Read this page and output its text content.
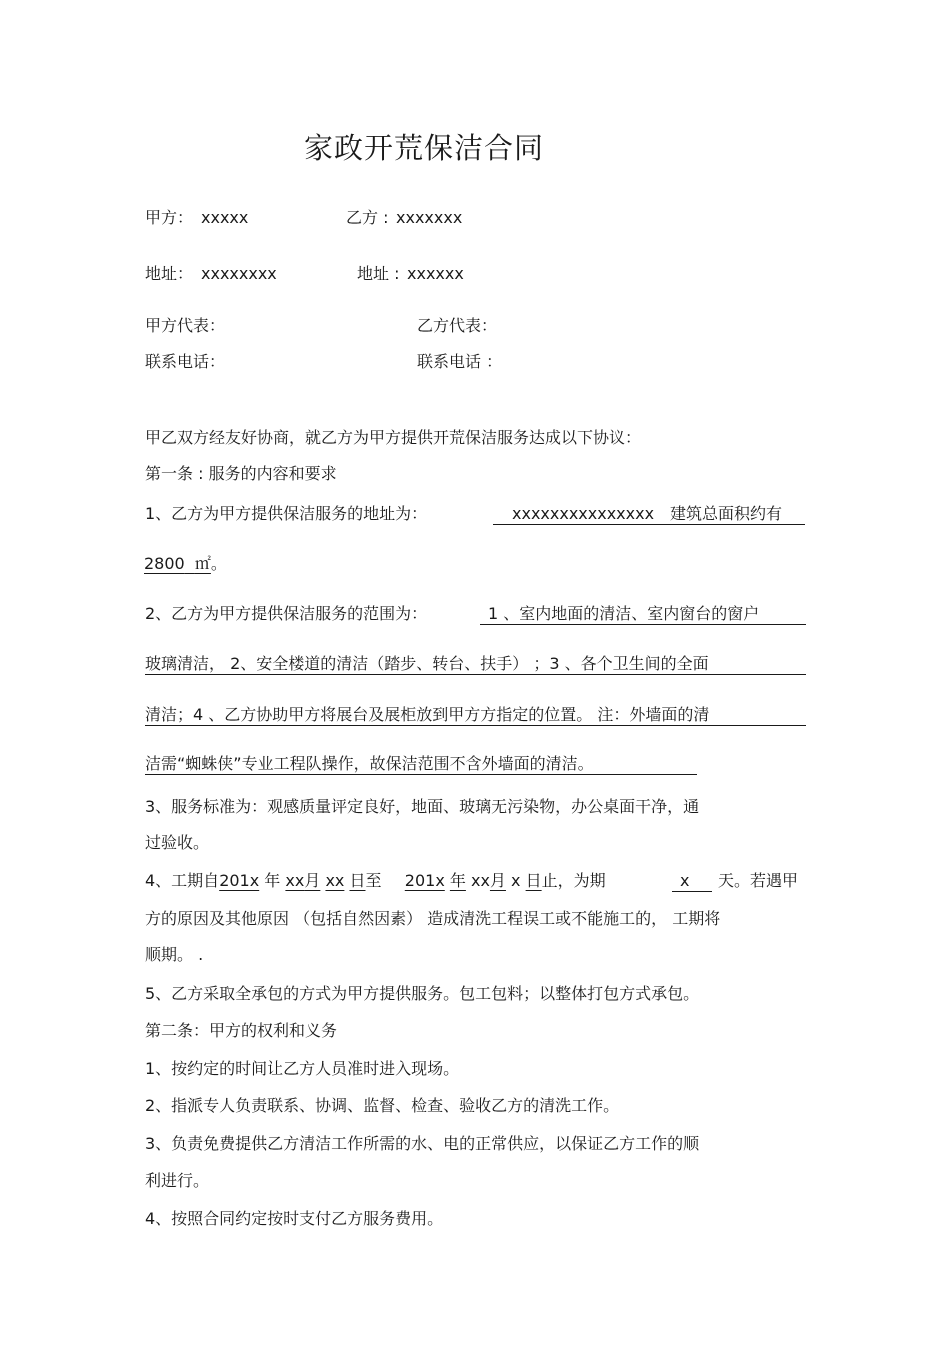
家政开荒保洁合同
甲方： xxxxx	乙方 : xxxxxxx
地址： xxxxxxxx	地址 : xxxxxx
甲方代表：	乙方代表：
联系电话：	联系电话 ：
甲乙双方经友好协商，就乙方为甲方提供开荒保洁服务达成以下协议：
第一条 : 服务的内容和要求
1、乙方为甲方提供保洁服务的地址为：	xxxxxxxxxxxxxxx 建筑总面积约有
2800 ㎡。
2、乙方为甲方提供保洁服务的范围为：	1 、室内地面的清洁、室内窗台的窗户
玻璃清洁， 2、安全楼道的清洁（踏步、转台、扶手） ；3 、各个卫生间的全面
清洁；4 、乙方协助甲方将展台及展柜放到甲方方指定的位置。 注：外墙面的清
洁需“蜘蛛侠”专业工程队操作，故保洁范围不含外墙面的清洁。
3、服务标准为：观感质量评定良好，地面、玻璃无污染物，办公桌面干净，通
过验收。
4、工期自201x 年 xx月 xx 日至 201x 年 xx月 x 日止，为期	x 天。若遇甲
方的原因及其他原因 （包括自然因素） 造成清洗工程误工或不能施工的， 工期将
顺期。 .
5、乙方采取全承包的方式为甲方提供服务。包工包料；以整体打包方式承包。
第二条：甲方的权利和义务
1、按约定的时间让乙方人员准时进入现场。
2、指派专人负责联系、协调、监督、检查、验收乙方的清洗工作。
3、负责免费提供乙方清洁工作所需的水、电的正常供应，以保证乙方工作的顺
利进行。
4、按照合同约定按时支付乙方服务费用。
